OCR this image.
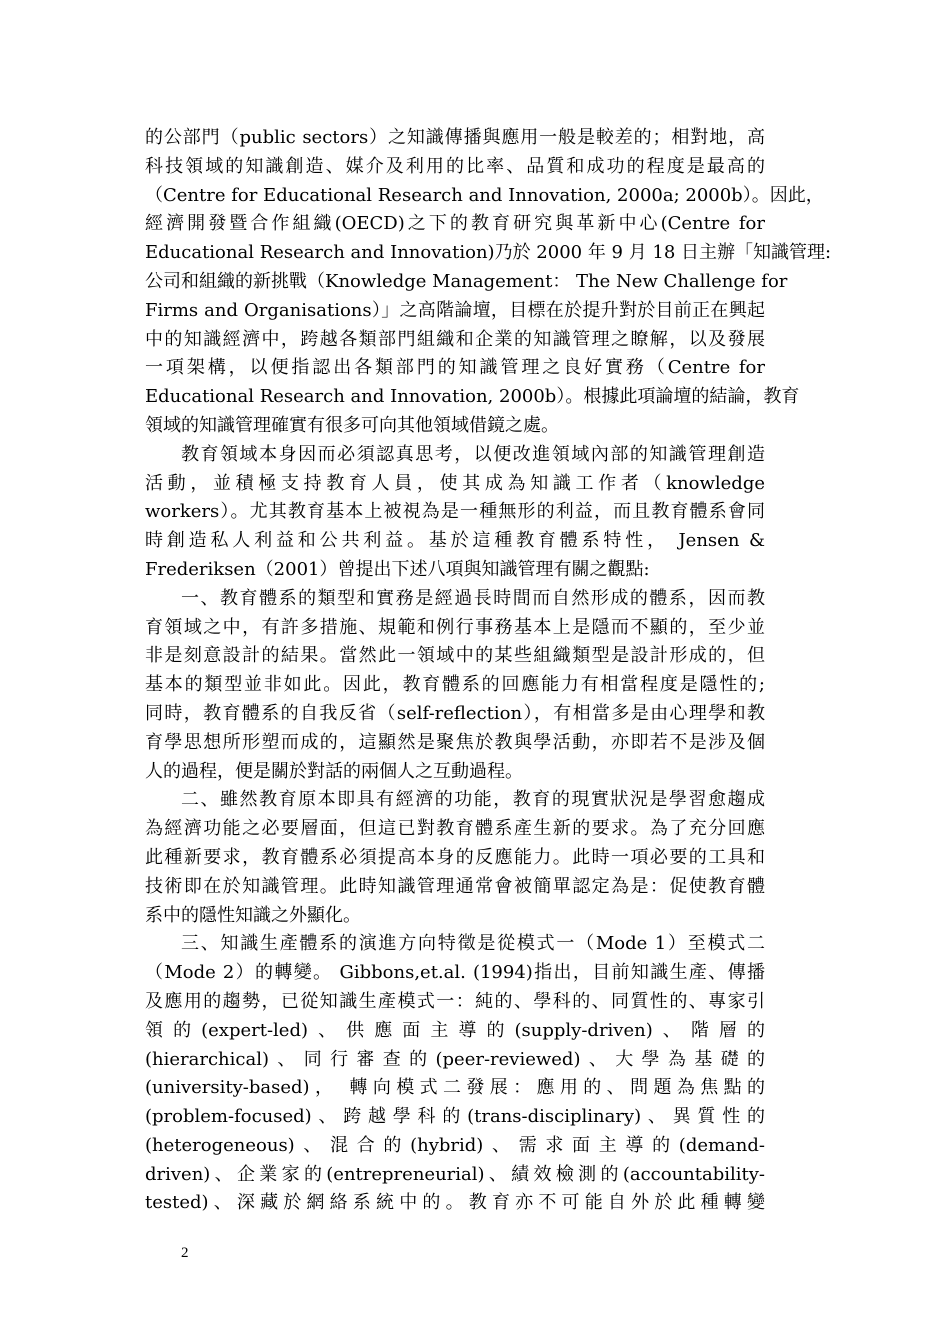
的公部門（public sectors）之知識傳播與應用一般是較差的；相對地，高
科技領域的知識創造、媒介及利用的比率、品質和成功的程度是最高的
（Centre for Educational Research and Innovation, 2000a; 2000b）。因此，
經濟開發暨合作組織(OECD)之下的教育研究與革新中心(Centre for
Educational Research and Innovation)乃於 2000 年 9 月 18 日主辦「知識管理:
公司和組織的新挑戰（Knowledge Management： The New Challenge for
Firms and Organisations）」之高階論壇，目標在於提升對於目前正在興起
中的知識經濟中，跨越各類部門組織和企業的知識管理之瞭解，以及發展
一項架構，以便指認出各類部門的知識管理之良好實務（Centre for
Educational Research and Innovation, 2000b）。根據此項論壇的結論，教育
領域的知識管理確實有很多可向其他領域借鏡之處。
教育領域本身因而必須認真思考，以便改進領域內部的知識管理創造
活動，並積極支持教育人員，使其成為知識工作者（knowledge
workers）。尤其教育基本上被視為是一種無形的利益，而且教育體系會同
時創造私人利益和公共利益。基於這種教育體系特性， Jensen &
Frederiksen（2001）曾提出下述八項與知識管理有關之觀點:
一、教育體系的類型和實務是經過長時間而自然形成的體系，因而教
育領域之中，有許多措施、規範和例行事務基本上是隱而不顯的，至少並
非是刻意設計的結果。當然此一領域中的某些組織類型是設計形成的，但
基本的類型並非如此。因此，教育體系的回應能力有相當程度是隱性的;
同時，教育體系的自我反省（self-reflection），有相當多是由心理學和教
育學思想所形塑而成的，這顯然是聚焦於教與學活動，亦即若不是涉及個
人的過程，便是關於對話的兩個人之互動過程。
二、雖然教育原本即具有經濟的功能，教育的現實狀況是學習愈趨成
為經濟功能之必要層面，但這已對教育體系產生新的要求。為了充分回應
此種新要求，教育體系必須提高本身的反應能力。此時一項必要的工具和
技術即在於知識管理。此時知識管理通常會被簡單認定為是：促使教育體
系中的隱性知識之外顯化。
三、知識生產體系的演進方向特徵是從模式一（Mode 1）至模式二
（Mode 2）的轉變。 Gibbons,et.al. (1994)指出，目前知識生產、傳播
及應用的趨勢，已從知識生產模式一：純的、學科的、同質性的、專家引
領的(expert-led)、供應面主導的(supply-driven)、階層的
(hierarchical)、同行審查的(peer-reviewed)、大學為基礎的
(university-based)， 轉向模式二發展：應用的、問題為焦點的
(problem-focused)、跨越學科的(trans-disciplinary)、異質性的
(heterogeneous)、混合的(hybrid)、需求面主導的(demand-
driven)、企業家的(entrepreneurial)、績效檢測的(accountability-
tested)、深藏於網絡系統中的。教育亦不可能自外於此種轉變
2
